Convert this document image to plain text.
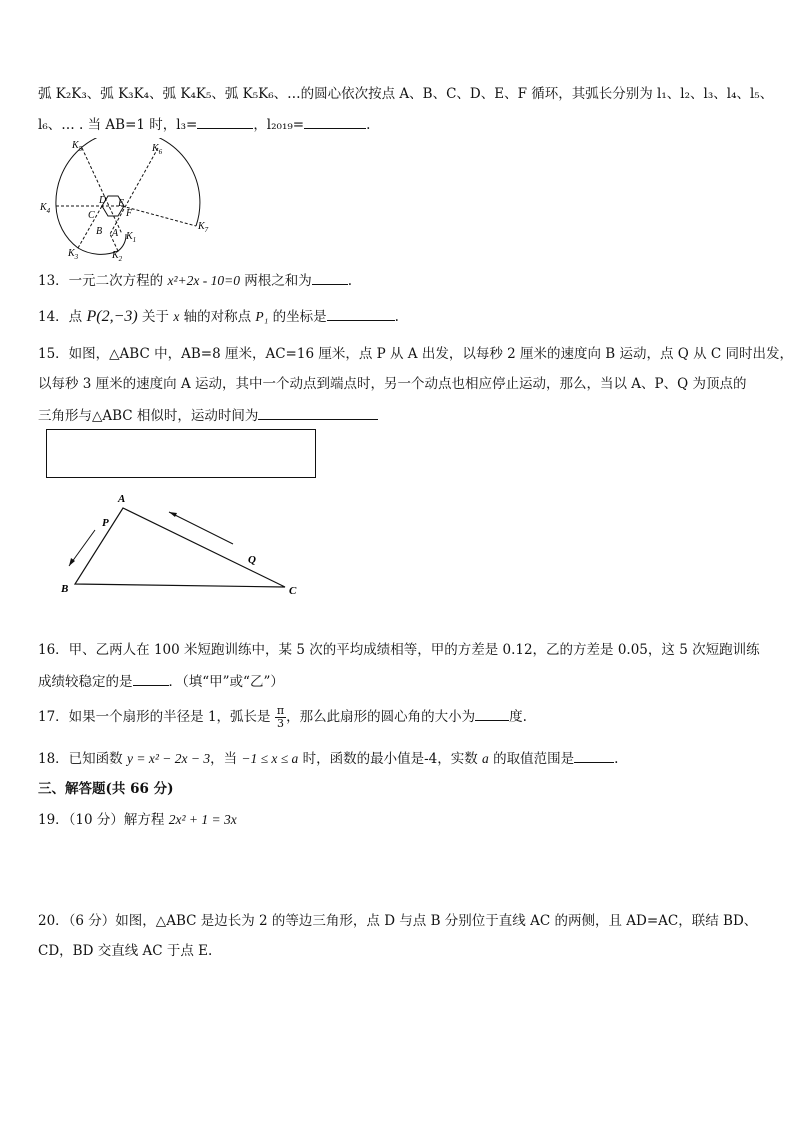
弧 K₂K₃、弧 K₃K₄、弧 K₄K₅、弧 K₅K₆、…的圆心依次按点 A、B、C、D、E、F 循环，其弧长分别为 l₁、l₂、l₃、l₄、l₅、
l₆、… . 当 AB=1 时，l₃=	，l₂₀₁₉=	.
$K_5$	$K_6$
$K_4$
$K_7$
$K_1$
$K_2$
$K_3$
D E
F
C
B A
13．一元二次方程的 x²+2x - 10=0 两根之和为	.
14．点 P(2,−3) 关于 x 轴的对称点 P₁ 的坐标是	.
15．如图，△ABC 中，AB=8 厘米，AC=16 厘米，点 P 从 A 出发，以每秒 2 厘米的速度向 B 运动，点 Q 从 C 同时出发，
以每秒 3 厘米的速度向 A 运动，其中一个动点到端点时，另一个动点也相应停止运动，那么，当以 A、P、Q 为顶点的
三角形与△ABC 相似时，运动时间为
A
B	C
P
Q
16．甲、乙两人在 100 米短跑训练中，某 5 次的平均成绩相等，甲的方差是 0.12，乙的方差是 0.05，这 5 次短跑训练
成绩较稳定的是	．（填“甲”或“乙”）
17．如果一个扇形的半径是 1，弧长是 $\frac{\pi}{3}$ ，那么此扇形的圆心角的大小为	度.
18．已知函数 y = x² − 2x − 3，当 −1 ≤ x ≤ a 时，函数的最小值是-4，实数 a 的取值范围是	.
三、解答题(共 66 分)
19．（10 分）解方程 2x² + 1 = 3x
20．（6 分）如图，△ABC 是边长为 2 的等边三角形，点 D 与点 B 分别位于直线 AC 的两侧，且 AD=AC，联结 BD、
CD，BD 交直线 AC 于点 E.
